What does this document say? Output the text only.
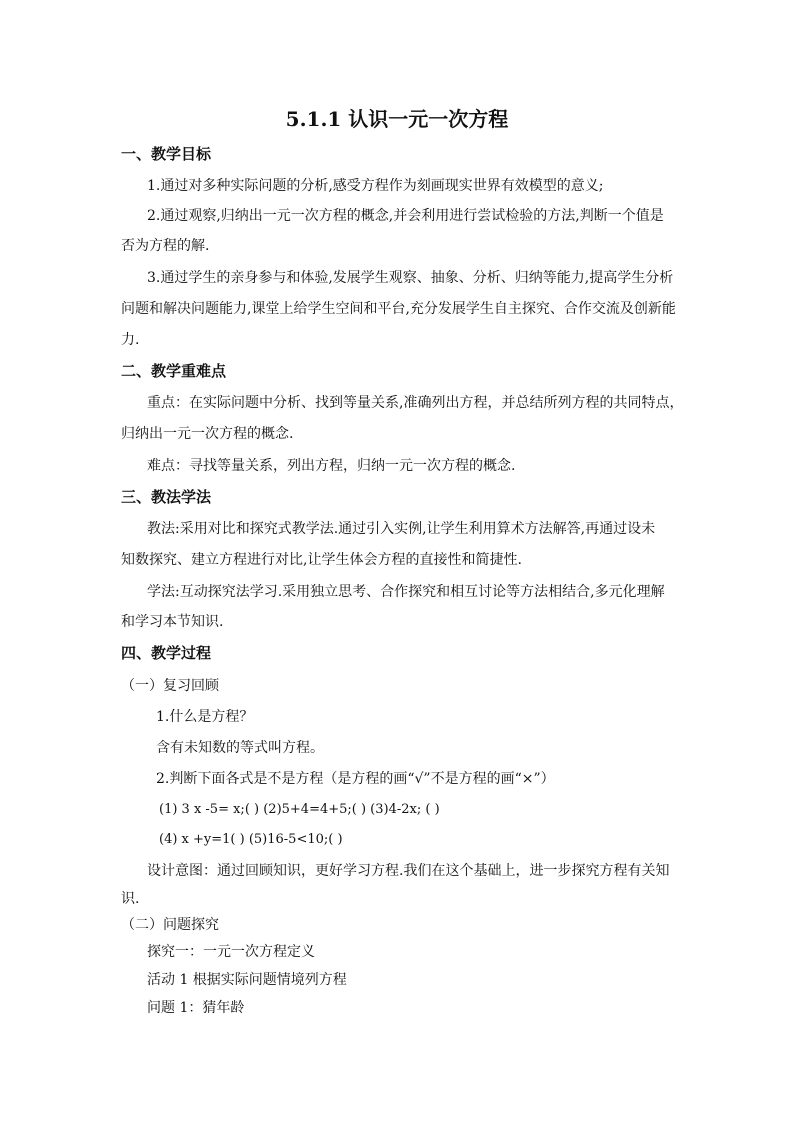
5.1.1 认识一元一次方程
一、教学目标
1.通过对多种实际问题的分析,感受方程作为刻画现实世界有效模型的意义;
2.通过观察,归纳出一元一次方程的概念,并会利用进行尝试检验的方法,判断一个值是
否为方程的解.
3.通过学生的亲身参与和体验,发展学生观察、抽象、分析、归纳等能力,提高学生分析
问题和解决问题能力,课堂上给学生空间和平台,充分发展学生自主探究、合作交流及创新能
力.
二、教学重难点
重点：在实际问题中分析、找到等量关系,准确列出方程，并总结所列方程的共同特点，
归纳出一元一次方程的概念.
难点：寻找等量关系，列出方程，归纳一元一次方程的概念.
三、教法学法
教法:采用对比和探究式教学法.通过引入实例,让学生利用算术方法解答,再通过设未
知数探究、建立方程进行对比,让学生体会方程的直接性和简捷性.
学法:互动探究法学习.采用独立思考、合作探究和相互讨论等方法相结合,多元化理解
和学习本节知识.
四、教学过程
（一）复习回顾
1.什么是方程？
含有未知数的等式叫方程。
2.判断下面各式是不是方程（是方程的画“√”不是方程的画“×”）
(1) 3 x -5= x;( ) (2)5+4=4+5;( ) (3)4-2x; ( )
(4) x +y=1( ) (5)16-5<10;( )
设计意图：通过回顾知识，更好学习方程.我们在这个基础上，进一步探究方程有关知
识.
（二）问题探究
探究一：一元一次方程定义
活动 1 根据实际问题情境列方程
问题 1：猜年龄
